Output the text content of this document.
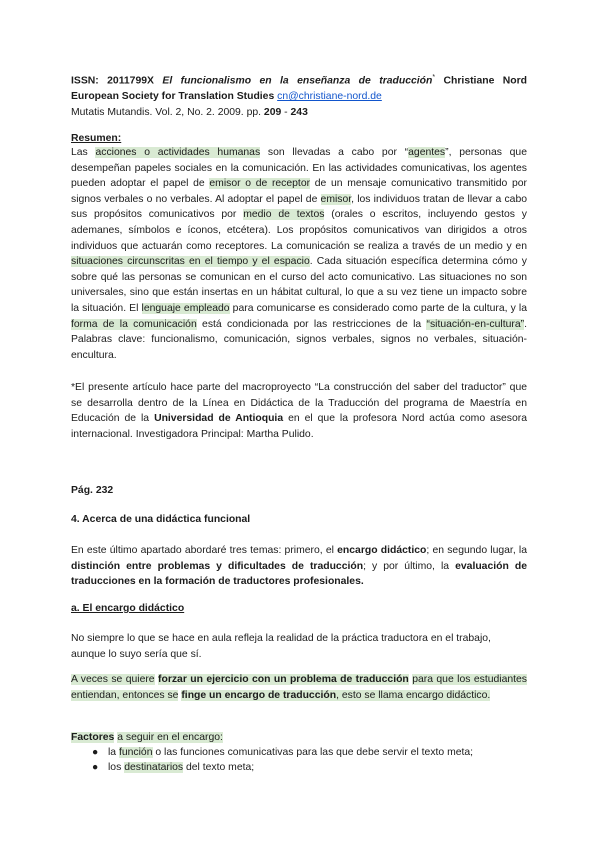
ISSN: 2011799X El funcionalismo en la enseñanza de traducción* Christiane Nord
European Society for Translation Studies cn@christiane-nord.de
Mutatis Mutandis. Vol. 2, No. 2. 2009. pp. 209 - 243
Resumen:
Las acciones o actividades humanas son llevadas a cabo por “agentes”, personas que desempeñan papeles sociales en la comunicación. En las actividades comunicativas, los agentes pueden adoptar el papel de emisor o de receptor de un mensaje comunicativo transmitido por signos verbales o no verbales. Al adoptar el papel de emisor, los individuos tratan de llevar a cabo sus propósitos comunicativos por medio de textos (orales o escritos, incluyendo gestos y ademanes, símbolos e íconos, etcétera). Los propósitos comunicativos van dirigidos a otros individuos que actuarán como receptores. La comunicación se realiza a través de un medio y en situaciones circunscritas en el tiempo y el espacio. Cada situación específica determina cómo y sobre qué las personas se comunican en el curso del acto comunicativo. Las situaciones no son universales, sino que están insertas en un hábitat cultural, lo que a su vez tiene un impacto sobre la situación. El lenguaje empleado para comunicarse es considerado como parte de la cultura, y la forma de la comunicación está condicionada por las restricciones de la “situación-en-cultura”. Palabras clave: funcionalismo, comunicación, signos verbales, signos no verbales, situación-encultura.
*El presente artículo hace parte del macroproyecto “La construcción del saber del traductor” que se desarrolla dentro de la Línea en Didáctica de la Traducción del programa de Maestría en Educación de la Universidad de Antioquia en el que la profesora Nord actúa como asesora internacional. Investigadora Principal: Martha Pulido.
Pág. 232
4. Acerca de una didáctica funcional
En este último apartado abordaré tres temas: primero, el encargo didáctico; en segundo lugar, la distinción entre problemas y dificultades de traducción; y por último, la evaluación de traducciones en la formación de traductores profesionales.
a. El encargo didáctico
No siempre lo que se hace en aula refleja la realidad de la práctica traductora en el trabajo, aunque lo suyo sería que sí.
A veces se quiere forzar un ejercicio con un problema de traducción para que los estudiantes entiendan, entonces se finge un encargo de traducción, esto se llama encargo didáctico.
Factores a seguir en el encargo:
● la función o las funciones comunicativas para las que debe servir el texto meta;
● los destinatarios del texto meta;
